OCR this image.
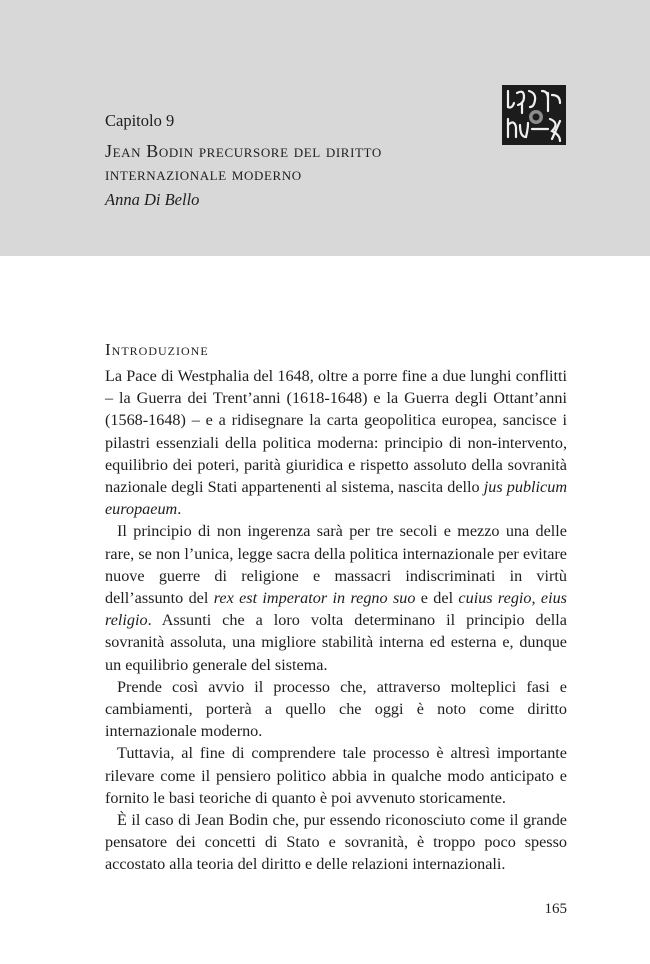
Capitolo 9
Jean Bodin precursore del diritto
internazionale moderno
Anna Di Bello
Introduzione

La Pace di Westphalia del 1648, oltre a porre fine a due lunghi conflitti – la Guerra dei Trent’anni (1618-1648) e la Guerra degli Ottant’anni (1568-1648) – e a ridisegnare la carta geopolitica europea, sancisce i pilastri essenziali della politica moderna: principio di non-intervento, equilibrio dei poteri, parità giuridica e rispetto assoluto della sovranità nazionale degli Stati appartenenti al sistema, nascita dello jus publicum europaeum.

Il principio di non ingerenza sarà per tre secoli e mezzo una delle rare, se non l’unica, legge sacra della politica internazionale per evitare nuove guerre di religione e massacri indiscriminati in virtù dell’assunto del rex est imperator in regno suo e del cuius regio, eius religio. Assunti che a loro volta determinano il principio della sovranità assoluta, una migliore stabilità interna ed esterna e, dunque un equilibrio generale del sistema.

Prende così avvio il processo che, attraverso molteplici fasi e cambiamenti, porterà a quello che oggi è noto come diritto internazionale moderno.

Tuttavia, al fine di comprendere tale processo è altresì importante rilevare come il pensiero politico abbia in qualche modo anticipato e fornito le basi teoriche di quanto è poi avvenuto storicamente.

È il caso di Jean Bodin che, pur essendo riconosciuto come il grande pensatore dei concetti di Stato e sovranità, è troppo poco spesso accostato alla teoria del diritto e delle relazioni internazionali.

165
